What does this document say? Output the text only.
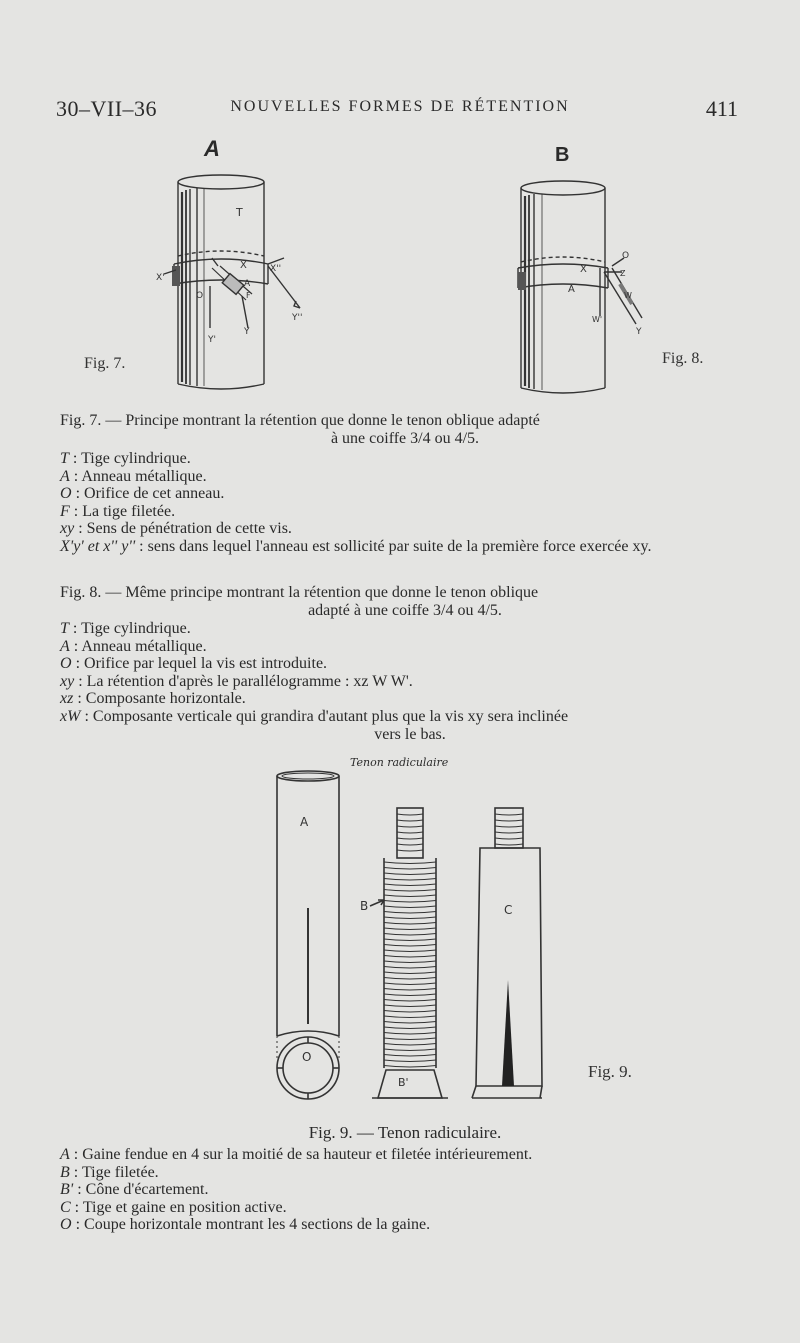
30–VII–36	NOUVELLES FORMES DE RÉTENTION	411
A
T
X	X''
X'
A
F
O
Y
Y'
Y''
Fig. 7.
B
X
A
O
Z
W
W'
Y
Fig. 8.
Fig. 7. — Principe montrant la rétention que donne le tenon oblique adapté
à une coiffe 3/4 ou 4/5.
T : Tige cylindrique.
A : Anneau métallique.
O : Orifice de cet anneau.
F : La tige filetée.
xy : Sens de pénétration de cette vis.
X'y' et x'' y'' : sens dans lequel l'anneau est sollicité par suite de la première force exercée xy.
Fig. 8. — Même principe montrant la rétention que donne le tenon oblique
adapté à une coiffe 3/4 ou 4/5.
T : Tige cylindrique.
A : Anneau métallique.
O : Orifice par lequel la vis est introduite.
xy : La rétention d'après le parallélogramme : xz W W'.
xz : Composante horizontale.
xW : Composante verticale qui grandira d'autant plus que la vis xy sera inclinée
vers le bas.
Tenon radiculaire
A
O
B
B'
C
Fig. 9.
Fig. 9. — Tenon radiculaire.
A : Gaine fendue en 4 sur la moitié de sa hauteur et filetée intérieurement.
B : Tige filetée.
B' : Cône d'écartement.
C : Tige et gaine en position active.
O : Coupe horizontale montrant les 4 sections de la gaine.
